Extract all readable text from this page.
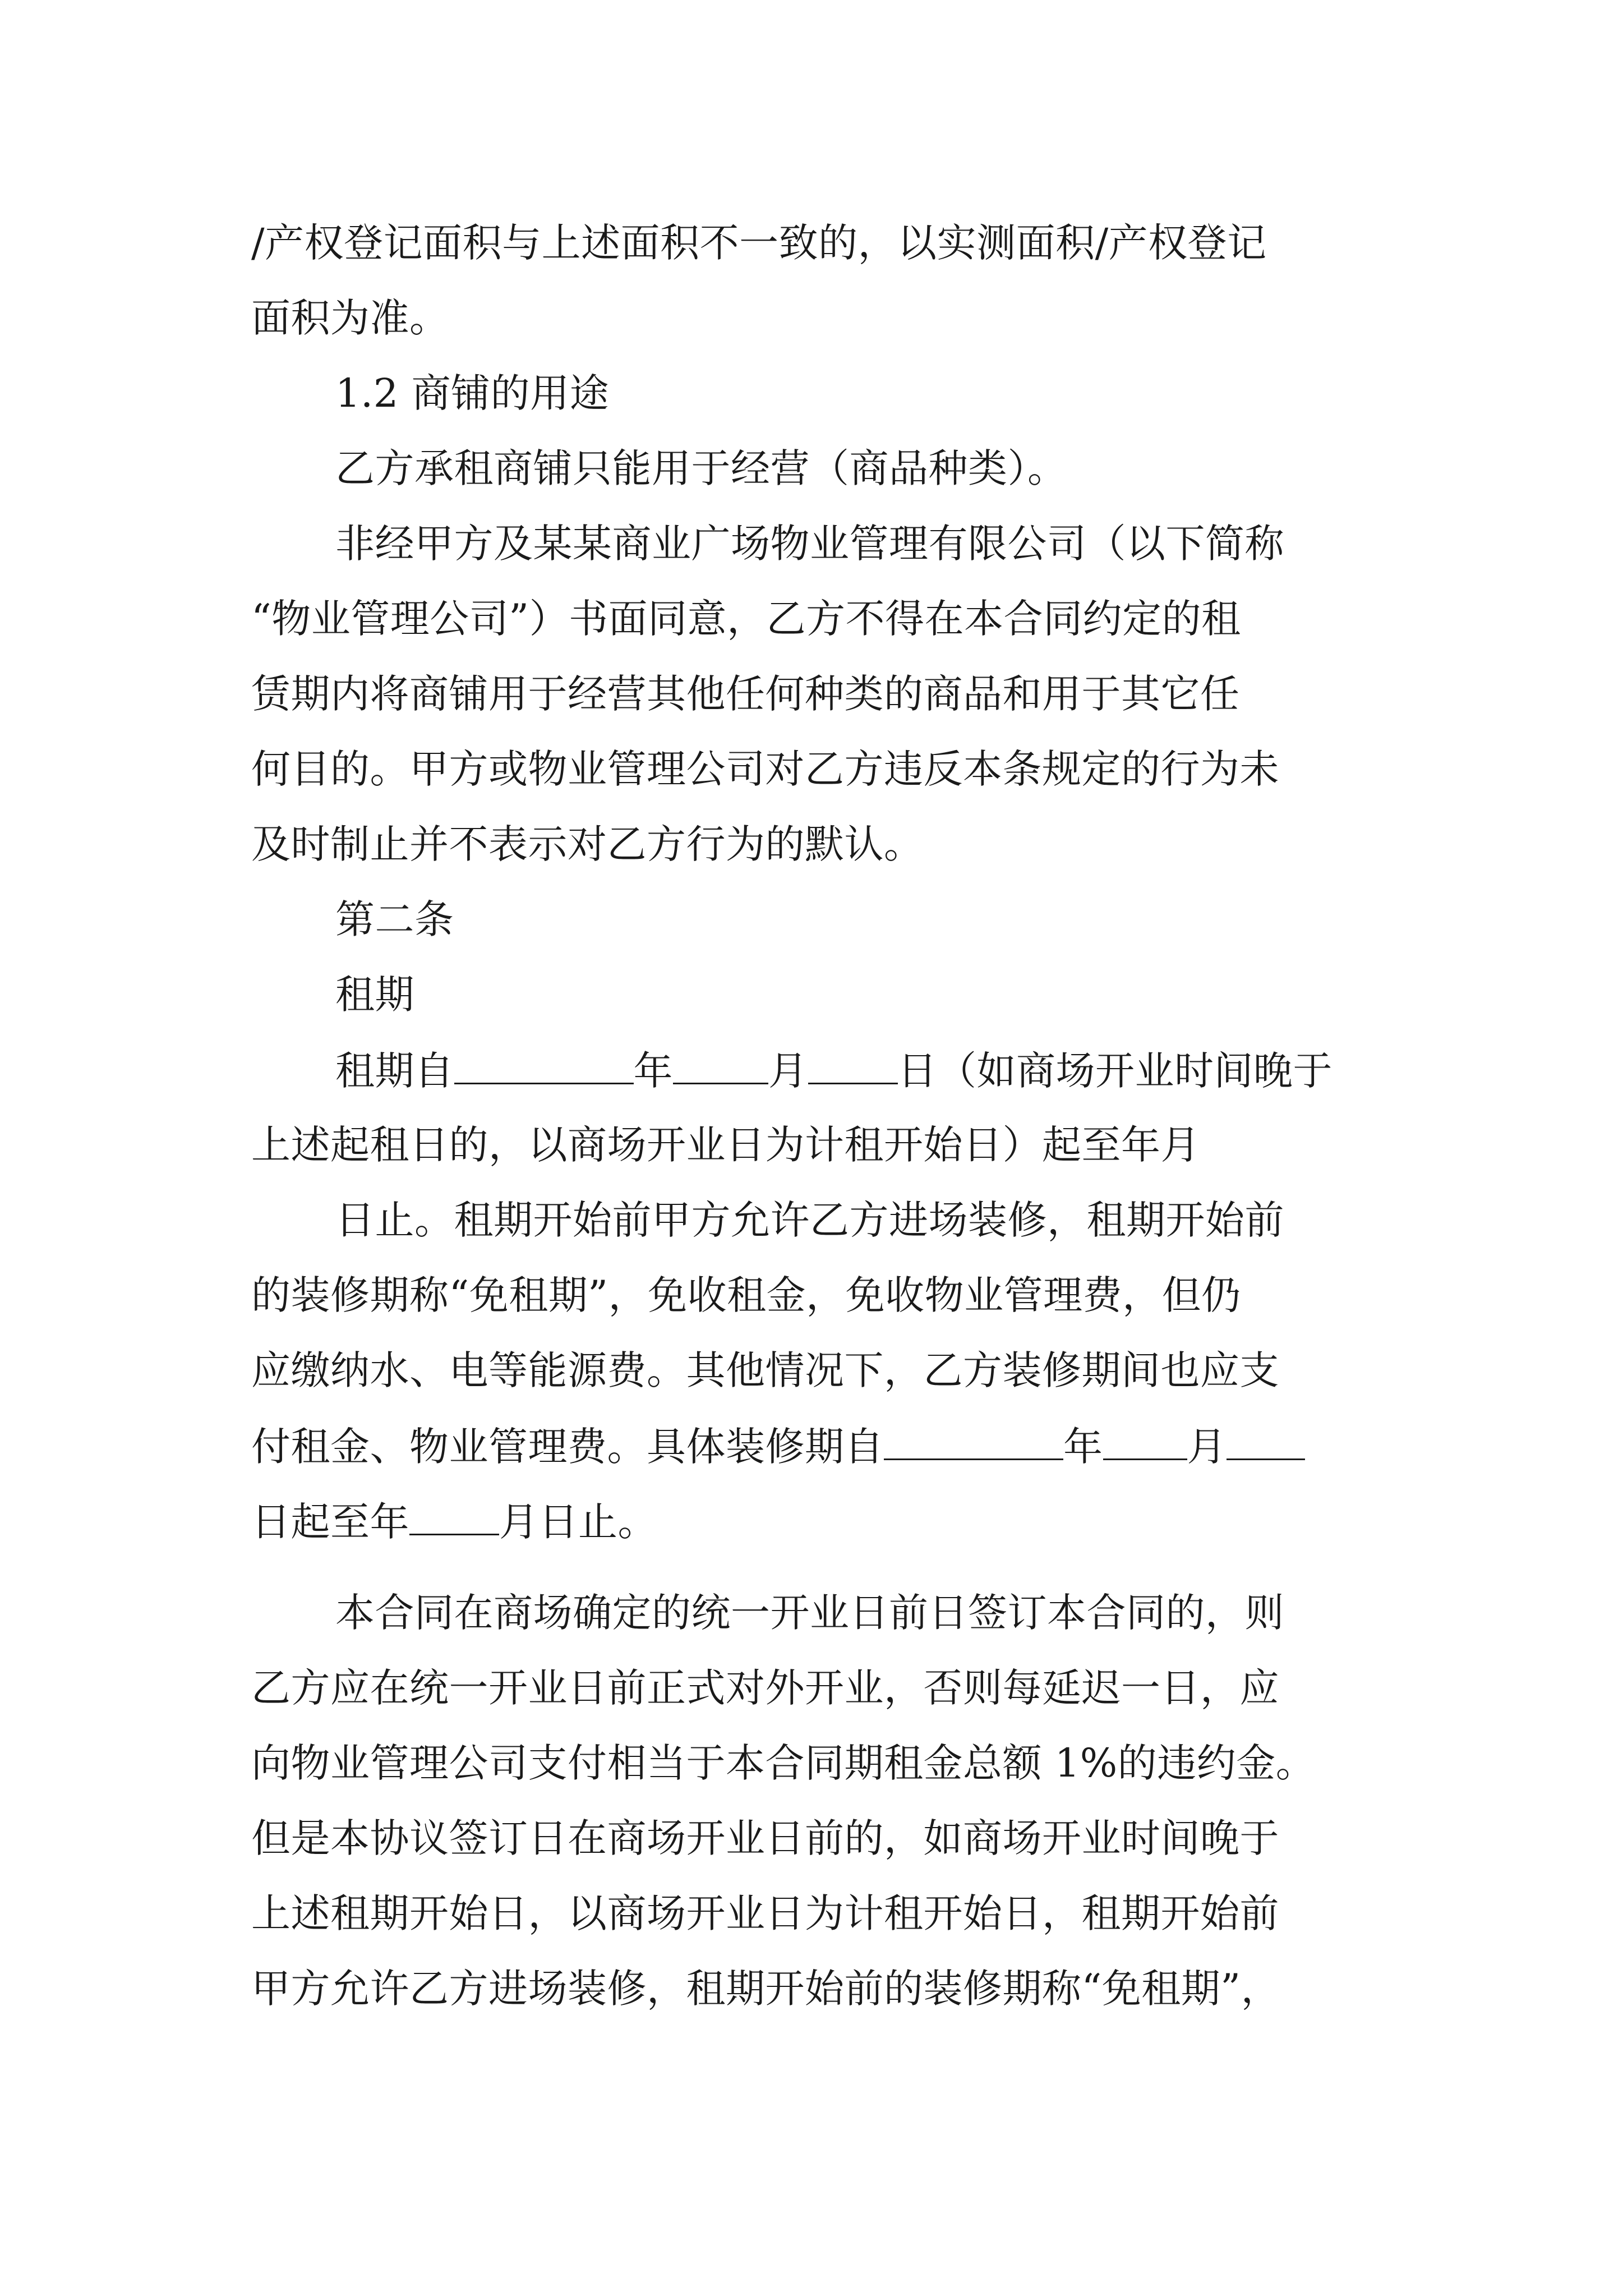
/产权登记面积与上述面积不一致的，以实测面积/产权登记
面积为准。
1.2 商铺的用途
乙方承租商铺只能用于经营（商品种类）。
非经甲方及某某商业广场物业管理有限公司（以下简称
“物业管理公司”）书面同意，乙方不得在本合同约定的租
赁期内将商铺用于经营其他任何种类的商品和用于其它任
何目的。甲方或物业管理公司对乙方违反本条规定的行为未
及时制止并不表示对乙方行为的默认。
第二条
租期
租期自	年 月 日（如商场开业时间晚于
上述起租日的，以商场开业日为计租开始日）起至年月
日止。租期开始前甲方允许乙方进场装修，租期开始前
的装修期称“免租期”，免收租金，免收物业管理费，但仍
应缴纳水、电等能源费。其他情况下，乙方装修期间也应支
付租金、物业管理费。具体装修期自	年 月
日起至年 月日止。
本合同在商场确定的统一开业日前日签订本合同的，则
乙方应在统一开业日前正式对外开业，否则每延迟一日，应
向物业管理公司支付相当于本合同期租金总额 1%的违约金。
但是本协议签订日在商场开业日前的，如商场开业时间晚于
上述租期开始日，以商场开业日为计租开始日，租期开始前
甲方允许乙方进场装修，租期开始前的装修期称“免租期”，
